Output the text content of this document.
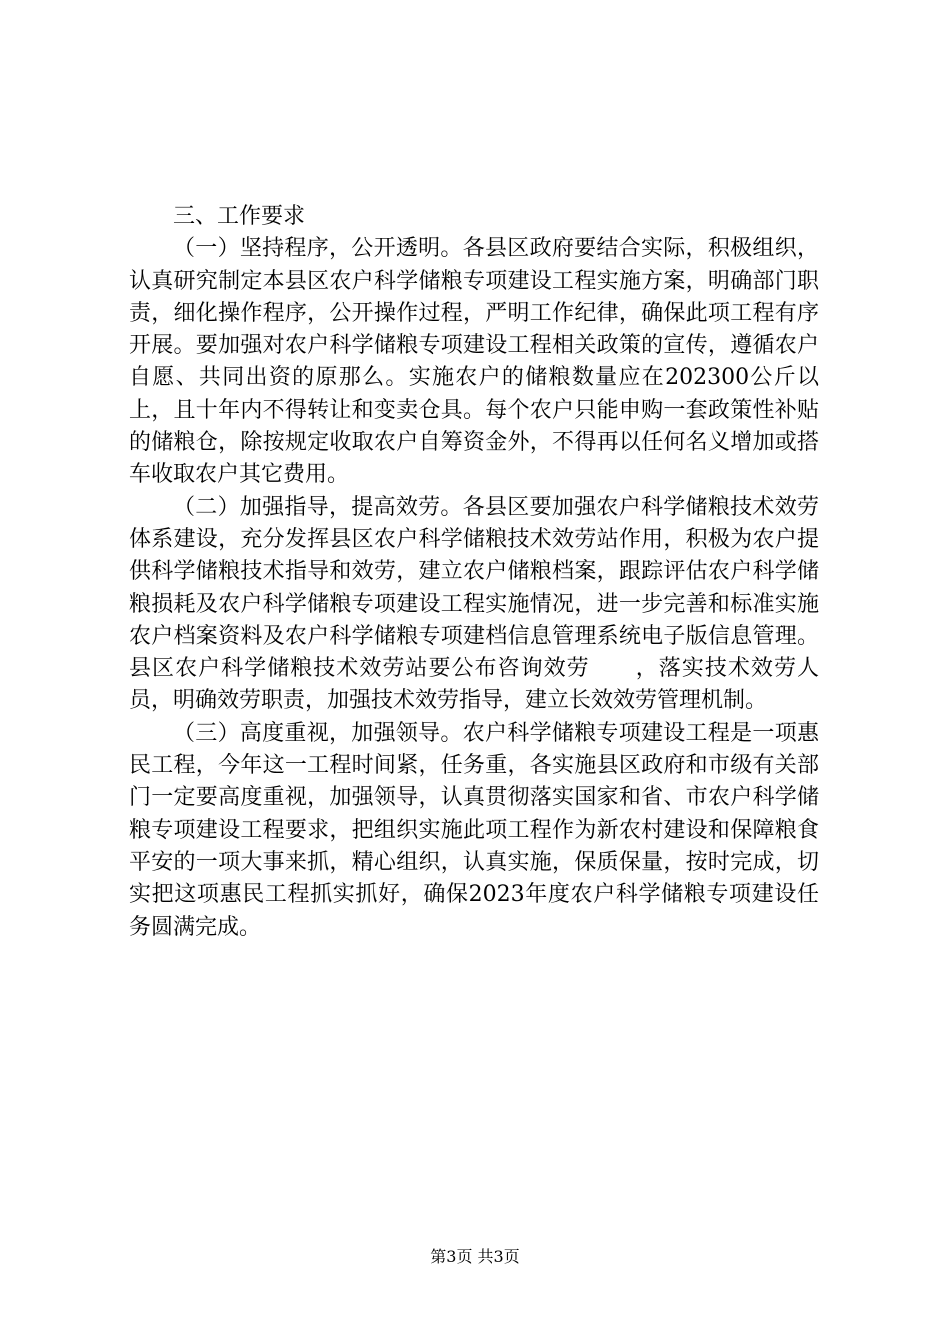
三、工作要求

（一）坚持程序，公开透明。各县区政府要结合实际，积极组织，认真研究制定本县区农户科学储粮专项建设工程实施方案，明确部门职责，细化操作程序，公开操作过程，严明工作纪律，确保此项工程有序开展。要加强对农户科学储粮专项建设工程相关政策的宣传，遵循农户自愿、共同出资的原那么。实施农户的储粮数量应在202300公斤以上，且十年内不得转让和变卖仓具。每个农户只能申购一套政策性补贴的储粮仓，除按规定收取农户自筹资金外，不得再以任何名义增加或搭车收取农户其它费用。

（二）加强指导，提高效劳。各县区要加强农户科学储粮技术效劳体系建设，充分发挥县区农户科学储粮技术效劳站作用，积极为农户提供科学储粮技术指导和效劳，建立农户储粮档案，跟踪评估农户科学储粮损耗及农户科学储粮专项建设工程实施情况，进一步完善和标准实施农户档案资料及农户科学储粮专项建档信息管理系统电子版信息管理。县区农户科学储粮技术效劳站要公布咨询效劳　　，落实技术效劳人员，明确效劳职责，加强技术效劳指导，建立长效效劳管理机制。

（三）高度重视，加强领导。农户科学储粮专项建设工程是一项惠民工程，今年这一工程时间紧，任务重，各实施县区政府和市级有关部门一定要高度重视，加强领导，认真贯彻落实国家和省、市农户科学储粮专项建设工程要求，把组织实施此项工程作为新农村建设和保障粮食平安的一项大事来抓，精心组织，认真实施，保质保量，按时完成，切实把这项惠民工程抓实抓好，确保2023年度农户科学储粮专项建设任务圆满完成。

第3页 共3页
